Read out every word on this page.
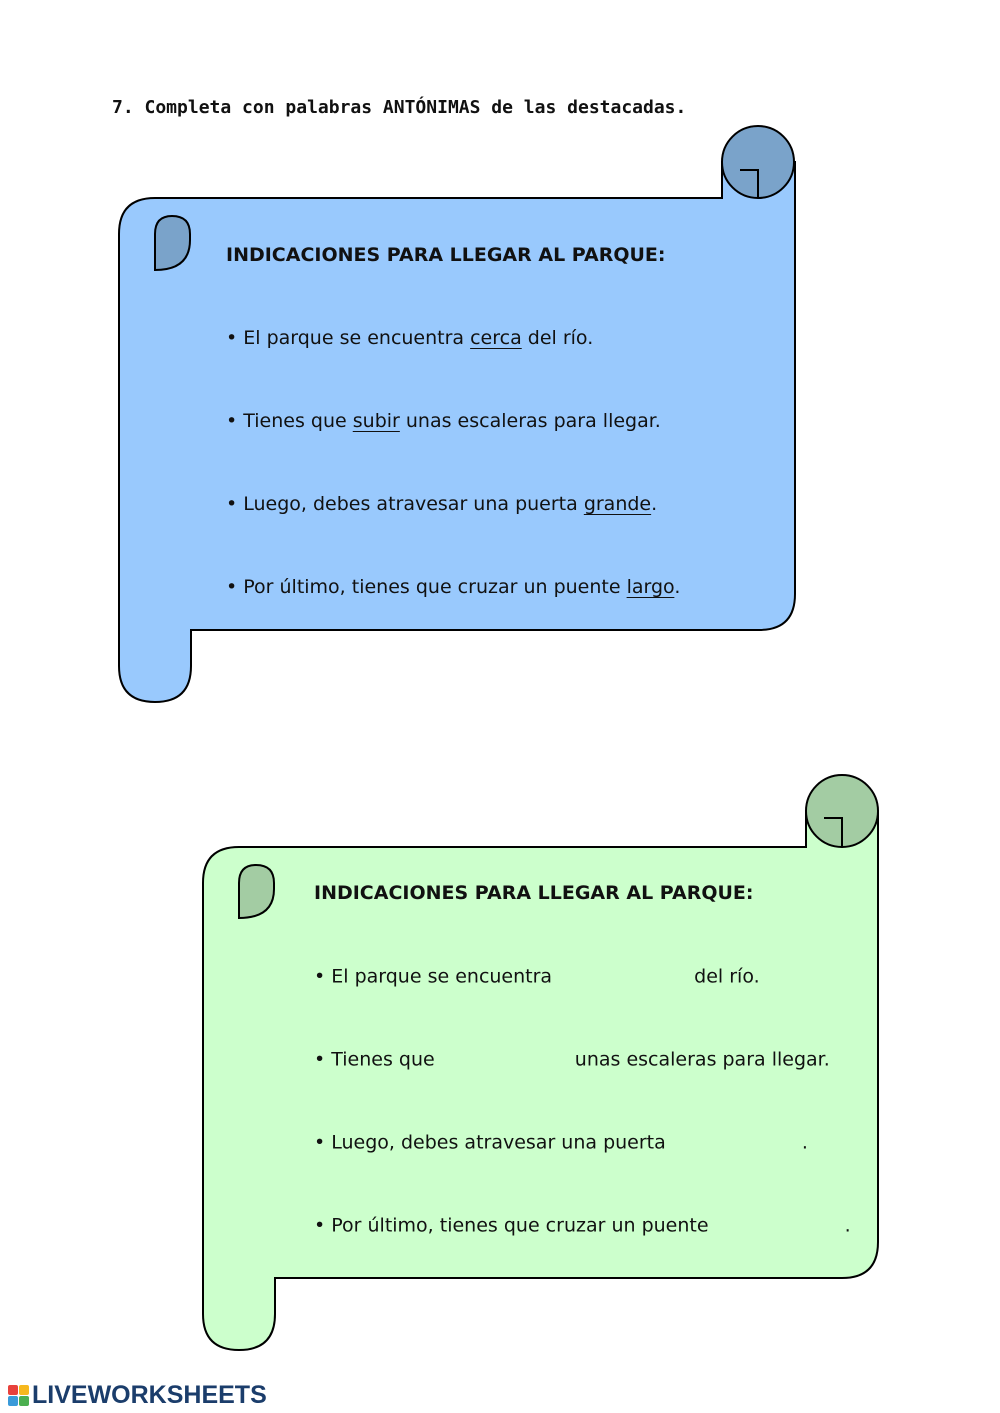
7. Completa con palabras ANTÓNIMAS de las destacadas.
INDICACIONES PARA LLEGAR AL PARQUE:
• El parque se encuentra cerca del río.
• Tienes que subir unas escaleras para llegar.
• Luego, debes atravesar una puerta grande.
• Por último, tienes que cruzar un puente largo.
INDICACIONES PARA LLEGAR AL PARQUE:
• El parque se encuentra	del río.
• Tienes que	unas escaleras para llegar.
• Luego, debes atravesar una puerta	.
• Por último, tienes que cruzar un puente	.
LIVEWORKSHEETS
